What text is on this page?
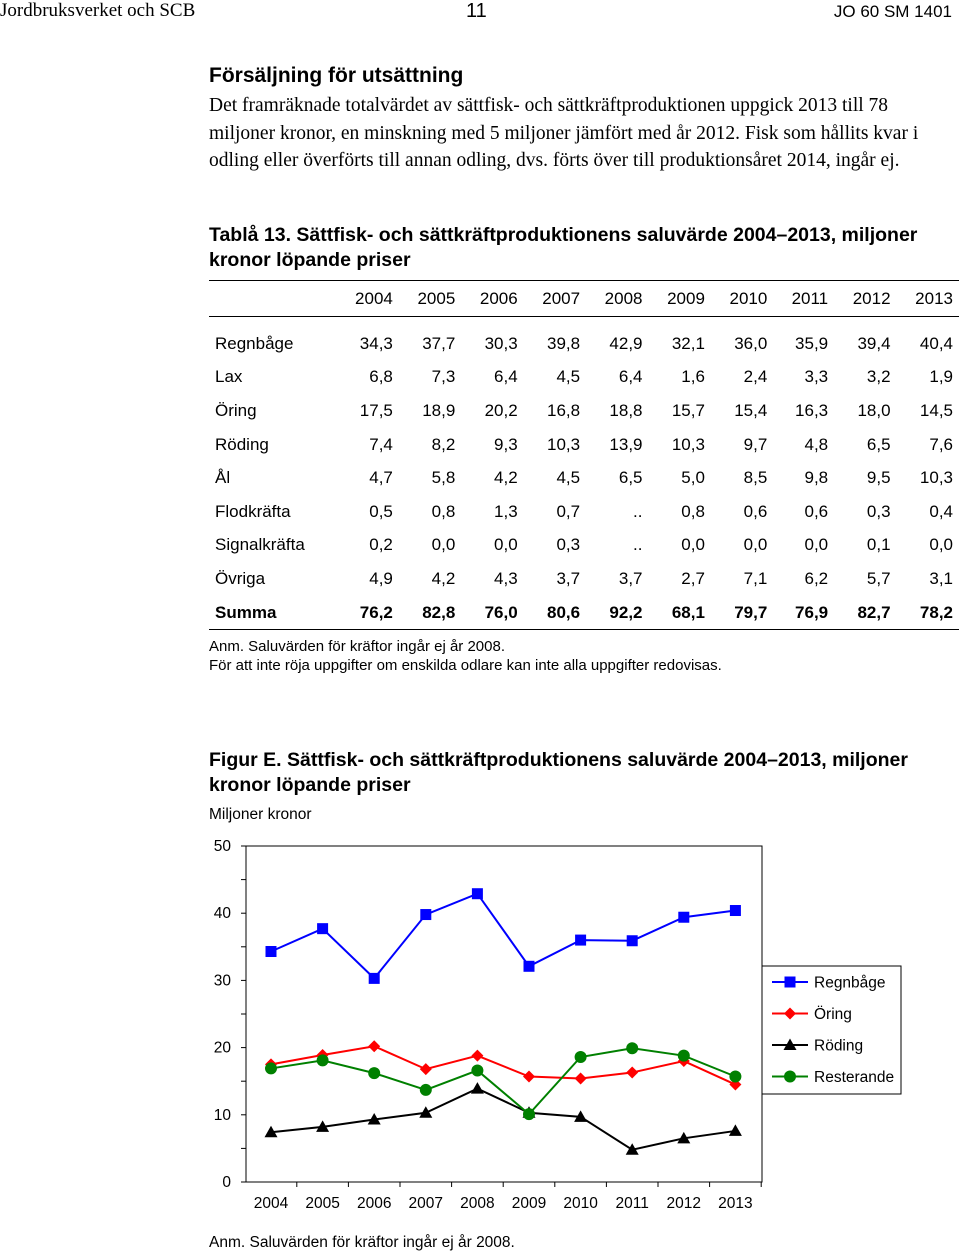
Jordbruksverket och SCB	11	JO 60 SM 1401
Försäljning för utsättning
Det framräknade totalvärdet av sättfisk- och sättkräftproduktionen uppgick 2013 till 78 miljoner kronor, en minskning med 5 miljoner jämfört med år 2012. Fisk som hållits kvar i odling eller överförts till annan odling, dvs. förts över till produktionsåret 2014, ingår ej.
Tablå 13. Sättfisk- och sättkräftproduktionens saluvärde 2004–2013, miljoner kronor löpande priser
	2004	2005	2006	2007	2008	2009	2010	2011	2012	2013

Regnbåge	34,3	37,7	30,3	39,8	42,9	32,1	36,0	35,9	39,4	40,4
Lax	6,8	7,3	6,4	4,5	6,4	1,6	2,4	3,3	3,2	1,9
Öring	17,5	18,9	20,2	16,8	18,8	15,7	15,4	16,3	18,0	14,5
Röding	7,4	8,2	9,3	10,3	13,9	10,3	9,7	4,8	6,5	7,6
Ål	4,7	5,8	4,2	4,5	6,5	5,0	8,5	9,8	9,5	10,3
Flodkräfta	0,5	0,8	1,3	0,7	..	0,8	0,6	0,6	0,3	0,4
Signalkräfta	0,2	0,0	0,0	0,3	..	0,0	0,0	0,0	0,1	0,0
Övriga	4,9	4,2	4,3	3,7	3,7	2,7	7,1	6,2	5,7	3,1
Summa	76,2	82,8	76,0	80,6	92,2	68,1	79,7	76,9	82,7	78,2
Anm. Saluvärden för kräftor ingår ej år 2008.
För att inte röja uppgifter om enskilda odlare kan inte alla uppgifter redovisas.
Figur E. Sättfisk- och sättkräftproduktionens saluvärde 2004–2013, miljoner kronor löpande priser
Miljoner kronor
0
10
20
30
40
50
2004 2005 2006 2007 2008 2009 2010 2011 2012 2013
Regnbåge
Öring
Röding
Resterande
Anm. Saluvärden för kräftor ingår ej år 2008.
